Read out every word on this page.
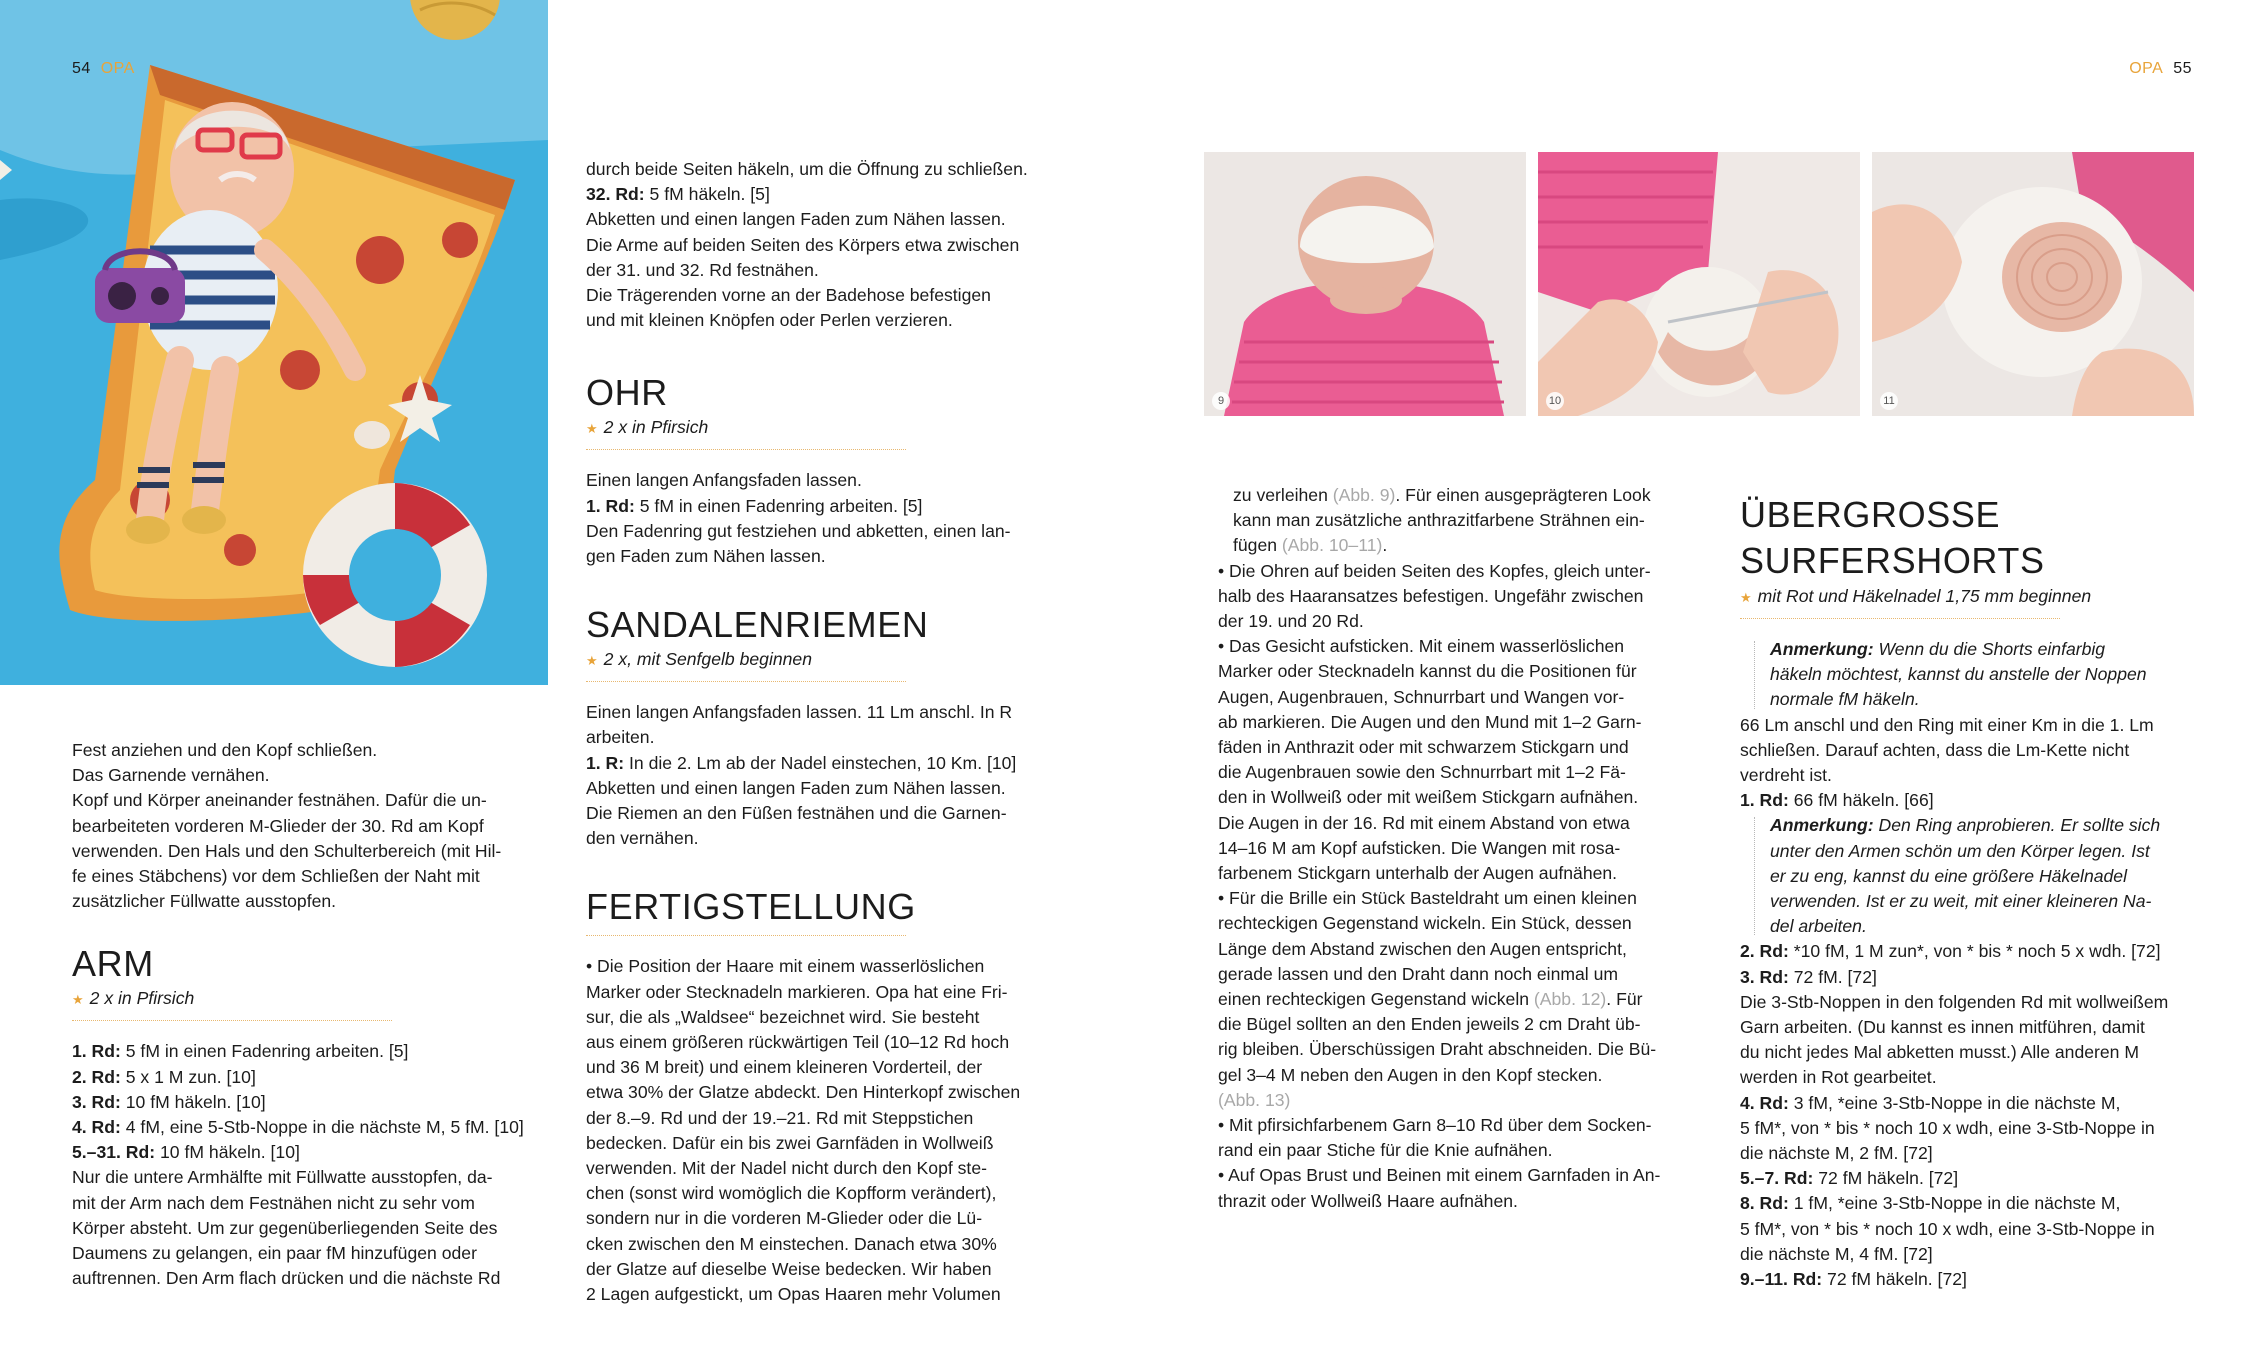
54 OPA

Fest anziehen und den Kopf schließen.

Das Garnende vernähen.

Kopf und Körper aneinander festnähen. Dafür die un-

bearbeiteten vorderen M-Glieder der 30. Rd am Kopf

verwenden. Den Hals und den Schulterbereich (mit Hil-

fe eines Stäbchens) vor dem Schließen der Naht mit

zusätzlicher Füllwatte ausstopfen.

ARM

★ 2 x in Pfirsich

1. Rd: 5 fM in einen Fadenring arbeiten. [5]

2. Rd: 5 x 1 M zun. [10]

3. Rd: 10 fM häkeln. [10]

4. Rd: 4 fM, eine 5-Stb-Noppe in die nächste M, 5 fM. [10]

5.–31. Rd: 10 fM häkeln. [10]

Nur die untere Armhälfte mit Füllwatte ausstopfen, da-

mit der Arm nach dem Festnähen nicht zu sehr vom

Körper absteht. Um zur gegenüberliegenden Seite des

Daumens zu gelangen, ein paar fM hinzufügen oder

auftrennen. Den Arm flach drücken und die nächste Rd

durch beide Seiten häkeln, um die Öffnung zu schließen.

32. Rd: 5 fM häkeln. [5]

Abketten und einen langen Faden zum Nähen lassen.

Die Arme auf beiden Seiten des Körpers etwa zwischen

der 31. und 32. Rd festnähen.

Die Trägerenden vorne an der Badehose befestigen

und mit kleinen Knöpfen oder Perlen verzieren.

OHR

★ 2 x in Pfirsich

Einen langen Anfangsfaden lassen.

1. Rd: 5 fM in einen Fadenring arbeiten. [5]

Den Fadenring gut festziehen und abketten, einen lan-

gen Faden zum Nähen lassen.

SANDALENRIEMEN

★ 2 x, mit Senfgelb beginnen

Einen langen Anfangsfaden lassen. 11 Lm anschl. In R

arbeiten.

1. R: In die 2. Lm ab der Nadel einstechen, 10 Km. [10]

Abketten und einen langen Faden zum Nähen lassen.

Die Riemen an den Füßen festnähen und die Garnen-

den vernähen.

FERTIGSTELLUNG

• Die Position der Haare mit einem wasserlöslichen

Marker oder Stecknadeln markieren. Opa hat eine Fri-

sur, die als „Waldsee“ bezeichnet wird. Sie besteht

aus einem größeren rückwärtigen Teil (10–12 Rd hoch

und 36 M breit) und einem kleineren Vorderteil, der

etwa 30% der Glatze abdeckt. Den Hinterkopf zwischen

der 8.–9. Rd und der 19.–21. Rd mit Steppstichen

bedecken. Dafür ein bis zwei Garnfäden in Wollweiß

verwenden. Mit der Nadel nicht durch den Kopf ste-

chen (sonst wird womöglich die Kopfform verändert),

sondern nur in die vorderen M-Glieder oder die Lü-

cken zwischen den M einstechen. Danach etwa 30%

der Glatze auf dieselbe Weise bedecken. Wir haben

2 Lagen aufgestickt, um Opas Haaren mehr Volumen

OPA 55
9	10	11

zu verleihen (Abb. 9). Für einen ausgeprägteren Look

kann man zusätzliche anthrazitfarbene Strähnen ein-

fügen (Abb. 10–11).

• Die Ohren auf beiden Seiten des Kopfes, gleich unter-

halb des Haaransatzes befestigen. Ungefähr zwischen

der 19. und 20 Rd.

• Das Gesicht aufsticken. Mit einem wasserlöslichen

Marker oder Stecknadeln kannst du die Positionen für

Augen, Augenbrauen, Schnurrbart und Wangen vor-

ab markieren. Die Augen und den Mund mit 1–2 Garn-

fäden in Anthrazit oder mit schwarzem Stickgarn und

die Augenbrauen sowie den Schnurrbart mit 1–2 Fä-

den in Wollweiß oder mit weißem Stickgarn aufnähen.

Die Augen in der 16. Rd mit einem Abstand von etwa

14–16 M am Kopf aufsticken. Die Wangen mit rosa-

farbenem Stickgarn unterhalb der Augen aufnähen.

• Für die Brille ein Stück Basteldraht um einen kleinen

rechteckigen Gegenstand wickeln. Ein Stück, dessen

Länge dem Abstand zwischen den Augen entspricht,

gerade lassen und den Draht dann noch einmal um

einen rechteckigen Gegenstand wickeln (Abb. 12). Für

die Bügel sollten an den Enden jeweils 2 cm Draht üb-

rig bleiben. Überschüssigen Draht abschneiden. Die Bü-

gel 3–4 M neben den Augen in den Kopf stecken.

(Abb. 13)

• Mit pfirsichfarbenem Garn 8–10 Rd über dem Socken-

rand ein paar Stiche für die Knie aufnähen.

• Auf Opas Brust und Beinen mit einem Garnfaden in An-

thrazit oder Wollweiß Haare aufnähen.

ÜBERGROSSE
SURFERSHORTS

★ mit Rot und Häkelnadel 1,75 mm beginnen

Anmerkung: Wenn du die Shorts einfarbig

häkeln möchtest, kannst du anstelle der Noppen

normale fM häkeln.

66 Lm anschl und den Ring mit einer Km in die 1. Lm

schließen. Darauf achten, dass die Lm-Kette nicht

verdreht ist.

1. Rd: 66 fM häkeln. [66]

Anmerkung: Den Ring anprobieren. Er sollte sich

unter den Armen schön um den Körper legen. Ist

er zu eng, kannst du eine größere Häkelnadel

verwenden. Ist er zu weit, mit einer kleineren Na-

del arbeiten.

2. Rd: *10 fM, 1 M zun*, von * bis * noch 5 x wdh. [72]

3. Rd: 72 fM. [72]

Die 3-Stb-Noppen in den folgenden Rd mit wollweißem

Garn arbeiten. (Du kannst es innen mitführen, damit

du nicht jedes Mal abketten musst.) Alle anderen M

werden in Rot gearbeitet.

4. Rd: 3 fM, *eine 3-Stb-Noppe in die nächste M,

5 fM*, von * bis * noch 10 x wdh, eine 3-Stb-Noppe in

die nächste M, 2 fM. [72]

5.–7. Rd: 72 fM häkeln. [72]

8. Rd: 1 fM, *eine 3-Stb-Noppe in die nächste M,

5 fM*, von * bis * noch 10 x wdh, eine 3-Stb-Noppe in

die nächste M, 4 fM. [72]

9.–11. Rd: 72 fM häkeln. [72]
